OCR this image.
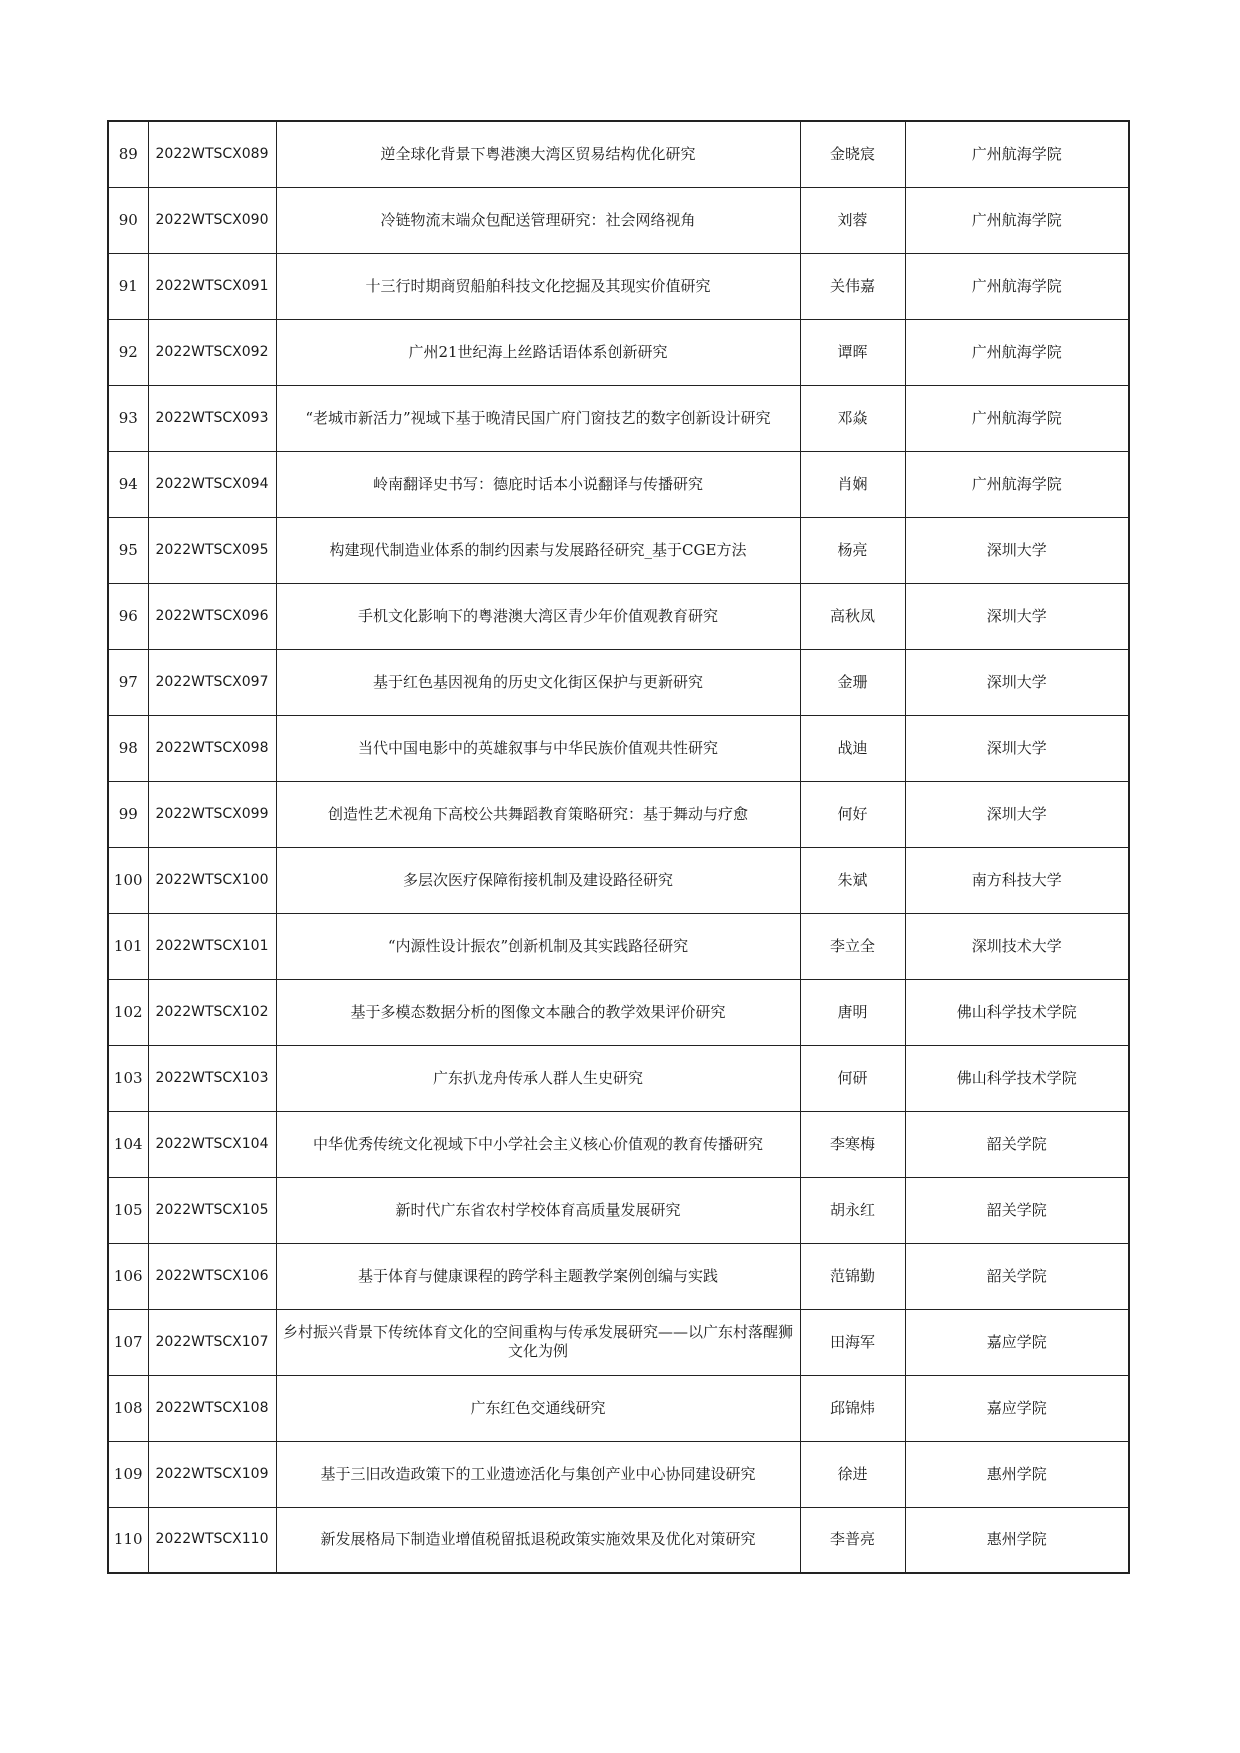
89	2022WTSCX089	逆全球化背景下粤港澳大湾区贸易结构优化研究	金晓宸	广州航海学院
90	2022WTSCX090	冷链物流末端众包配送管理研究：社会网络视角	刘蓉	广州航海学院
91	2022WTSCX091	十三行时期商贸船舶科技文化挖掘及其现实价值研究	关伟嘉	广州航海学院
92	2022WTSCX092	广州21世纪海上丝路话语体系创新研究	谭晖	广州航海学院
93	2022WTSCX093	“老城市新活力”视域下基于晚清民国广府门窗技艺的数字创新设计研究	邓焱	广州航海学院
94	2022WTSCX094	岭南翻译史书写：德庇时话本小说翻译与传播研究	肖娴	广州航海学院
95	2022WTSCX095	构建现代制造业体系的制约因素与发展路径研究_基于CGE方法	杨亮	深圳大学
96	2022WTSCX096	手机文化影响下的粤港澳大湾区青少年价值观教育研究	高秋凤	深圳大学
97	2022WTSCX097	基于红色基因视角的历史文化街区保护与更新研究	金珊	深圳大学
98	2022WTSCX098	当代中国电影中的英雄叙事与中华民族价值观共性研究	战迪	深圳大学
99	2022WTSCX099	创造性艺术视角下高校公共舞蹈教育策略研究：基于舞动与疗愈	何好	深圳大学
100	2022WTSCX100	多层次医疗保障衔接机制及建设路径研究	朱斌	南方科技大学
101	2022WTSCX101	“内源性设计振农”创新机制及其实践路径研究	李立全	深圳技术大学
102	2022WTSCX102	基于多模态数据分析的图像文本融合的教学效果评价研究	唐明	佛山科学技术学院
103	2022WTSCX103	广东扒龙舟传承人群人生史研究	何研	佛山科学技术学院
104	2022WTSCX104	中华优秀传统文化视域下中小学社会主义核心价值观的教育传播研究	李寒梅	韶关学院
105	2022WTSCX105	新时代广东省农村学校体育高质量发展研究	胡永红	韶关学院
106	2022WTSCX106	基于体育与健康课程的跨学科主题教学案例创编与实践	范锦勤	韶关学院
107	2022WTSCX107	乡村振兴背景下传统体育文化的空间重构与传承发展研究——以广东村落醒狮文化为例	田海军	嘉应学院
108	2022WTSCX108	广东红色交通线研究	邱锦炜	嘉应学院
109	2022WTSCX109	基于三旧改造政策下的工业遗迹活化与集创产业中心协同建设研究	徐进	惠州学院
110	2022WTSCX110	新发展格局下制造业增值税留抵退税政策实施效果及优化对策研究	李普亮	惠州学院
